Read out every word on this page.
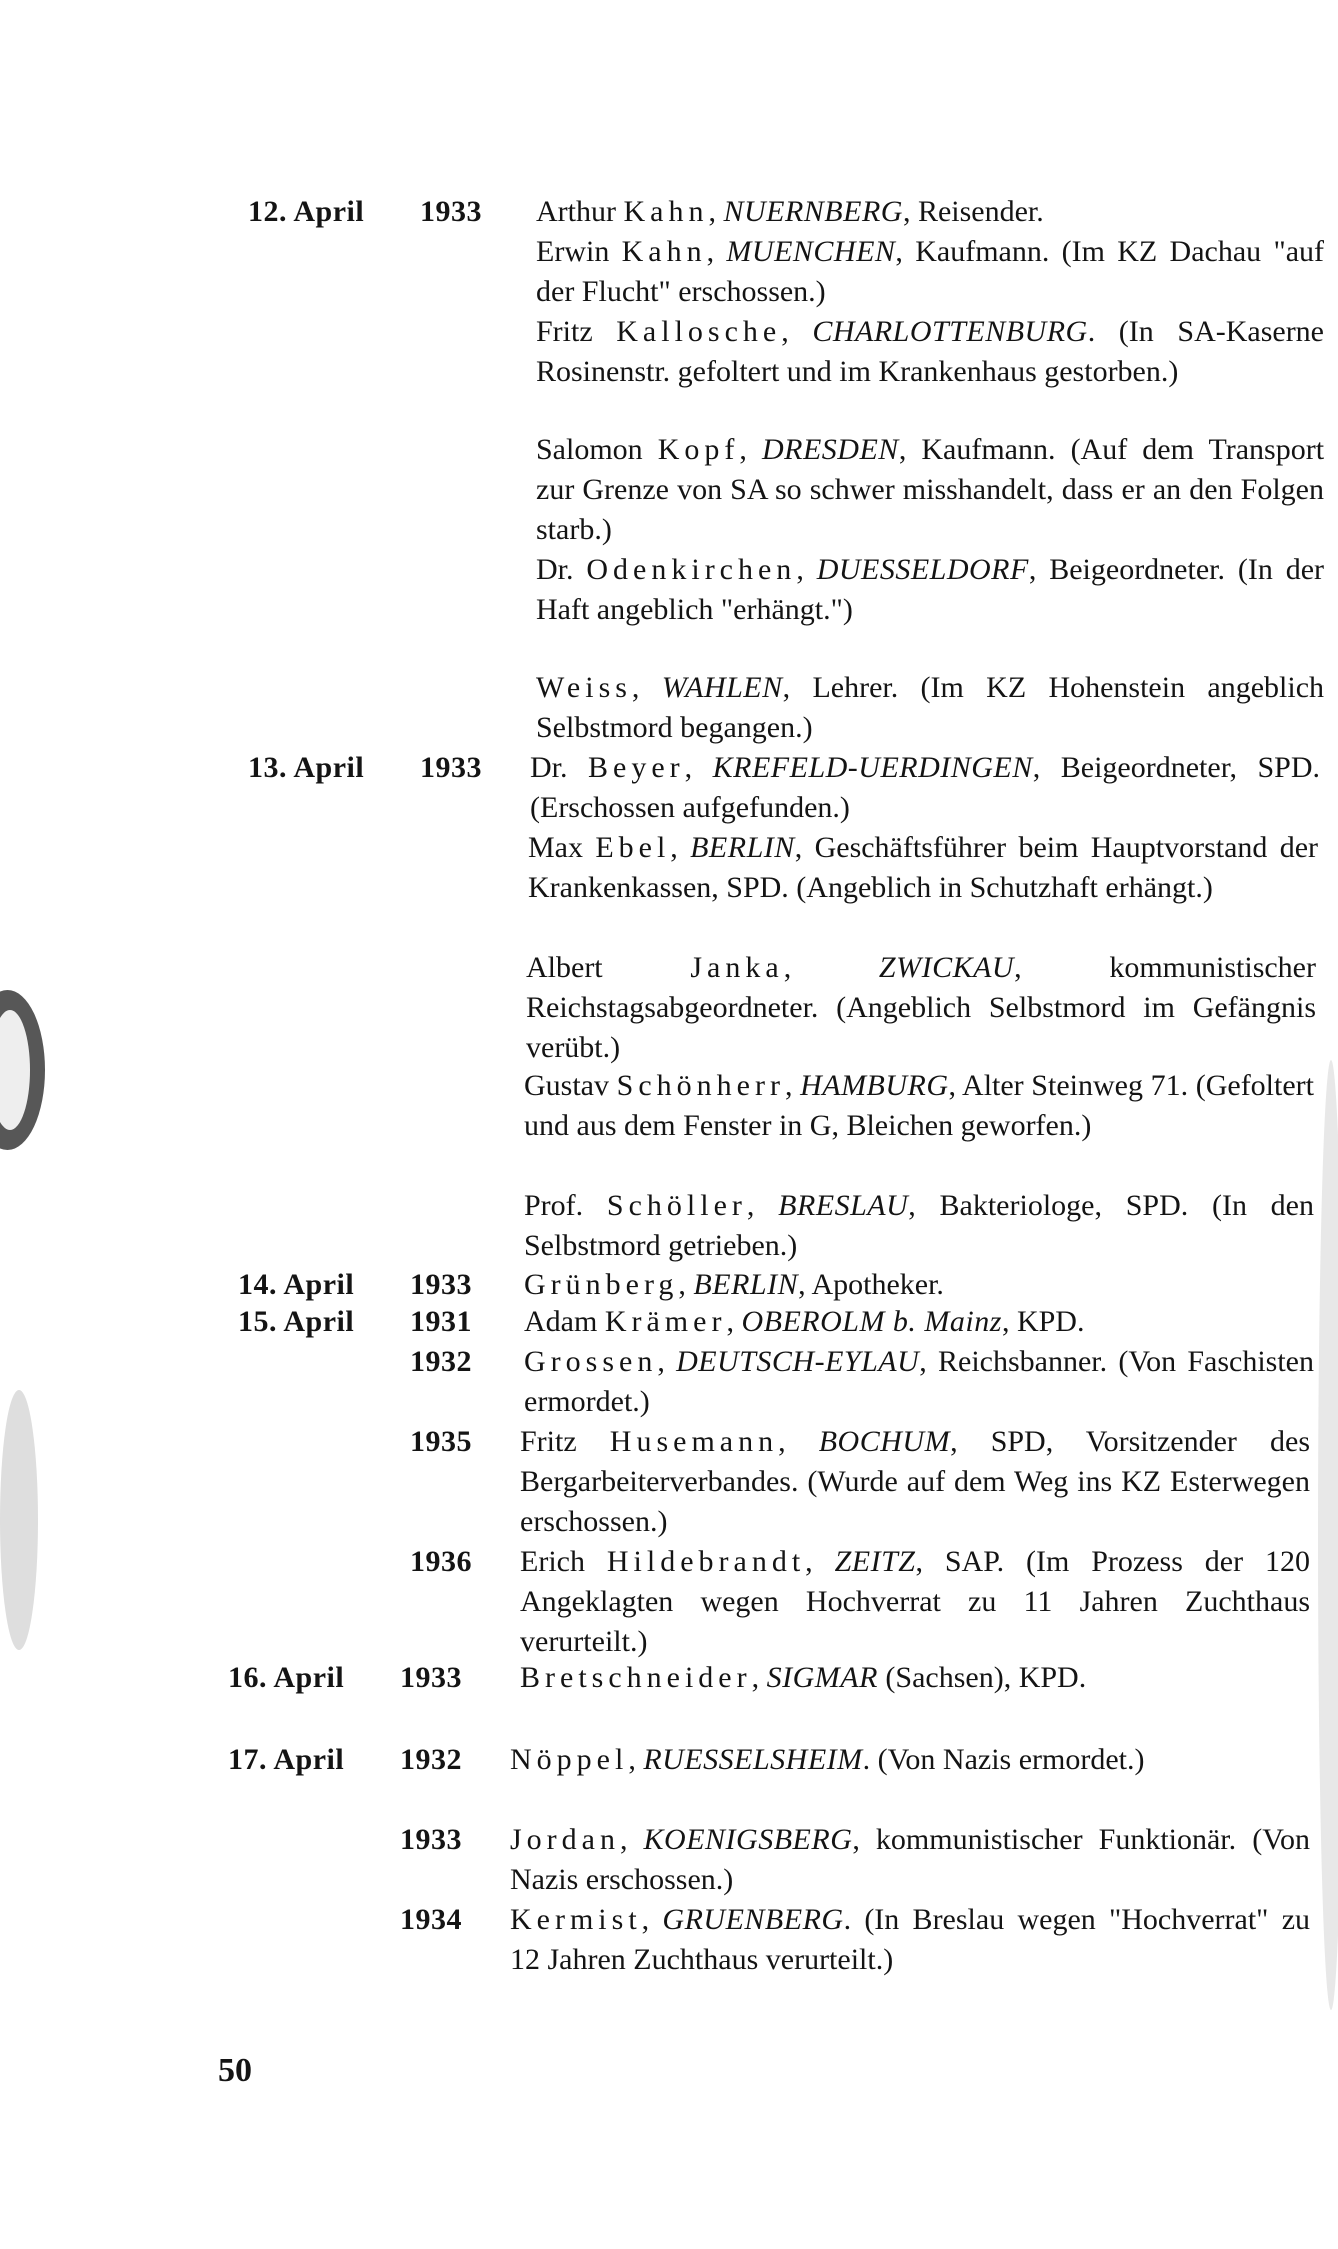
12. April 1933 Arthur Kahn, NUERNBERG, Reisender.
Erwin Kahn, MUENCHEN, Kaufmann. (Im KZ Dachau "auf der Flucht" erschossen.)
Fritz Kallosche, CHARLOTTENBURG. (In SA-Kaserne Rosinenstr. gefoltert und im Krankenhaus gestorben.)
Salomon Kopf, DRESDEN, Kaufmann. (Auf dem Transport zur Grenze von SA so schwer misshandelt, dass er an den Folgen starb.)
Dr. Odenkirchen, DUESSELDORF, Beigeordneter. (In der Haft angeblich "erhängt.")
Weiss, WAHLEN, Lehrer. (Im KZ Hohenstein angeblich Selbstmord begangen.)
13. April 1933 Dr. Beyer, KREFELD-UERDINGEN, Beigeordneter, SPD. (Erschossen aufgefunden.)
Max Ebel, BERLIN, Geschäftsführer beim Hauptvorstand der Krankenkassen, SPD. (Angeblich in Schutzhaft erhängt.)
Albert Janka, ZWICKAU, kommunistischer Reichstagsabgeordneter. (Angeblich Selbstmord im Gefängnis verübt.)
Gustav Schönherr, HAMBURG, Alter Steinweg 71. (Gefoltert und aus dem Fenster in G, Bleichen geworfen.)
Prof. Schöller, BRESLAU, Bakteriologe, SPD. (In den Selbstmord getrieben.)
14. April 1933 Grünberg, BERLIN, Apotheker.
15. April 1931 Adam Krämer, OBEROLM b. Mainz, KPD.
1932 Grossen, DEUTSCH-EYLAU, Reichsbanner. (Von Faschisten ermordet.)
1935 Fritz Husemann, BOCHUM, SPD, Vorsitzender des Bergarbeiterverbandes. (Wurde auf dem Weg ins KZ Esterwegen erschossen.)
1936 Erich Hildebrandt, ZEITZ, SAP. (Im Prozess der 120 Angeklagten wegen Hochverrat zu 11 Jahren Zuchthaus verurteilt.)
16. April 1933 Bretschneider, SIGMAR (Sachsen), KPD.
17. April 1932 Nöppel, RUESSELSHEIM. (Von Nazis ermordet.)
1933 Jordan, KOENIGSBERG, kommunistischer Funktionär. (Von Nazis erschossen.)
1934 Kermist, GRUENBERG. (In Breslau wegen "Hochverrat" zu 12 Jahren Zuchthaus verurteilt.)
50
